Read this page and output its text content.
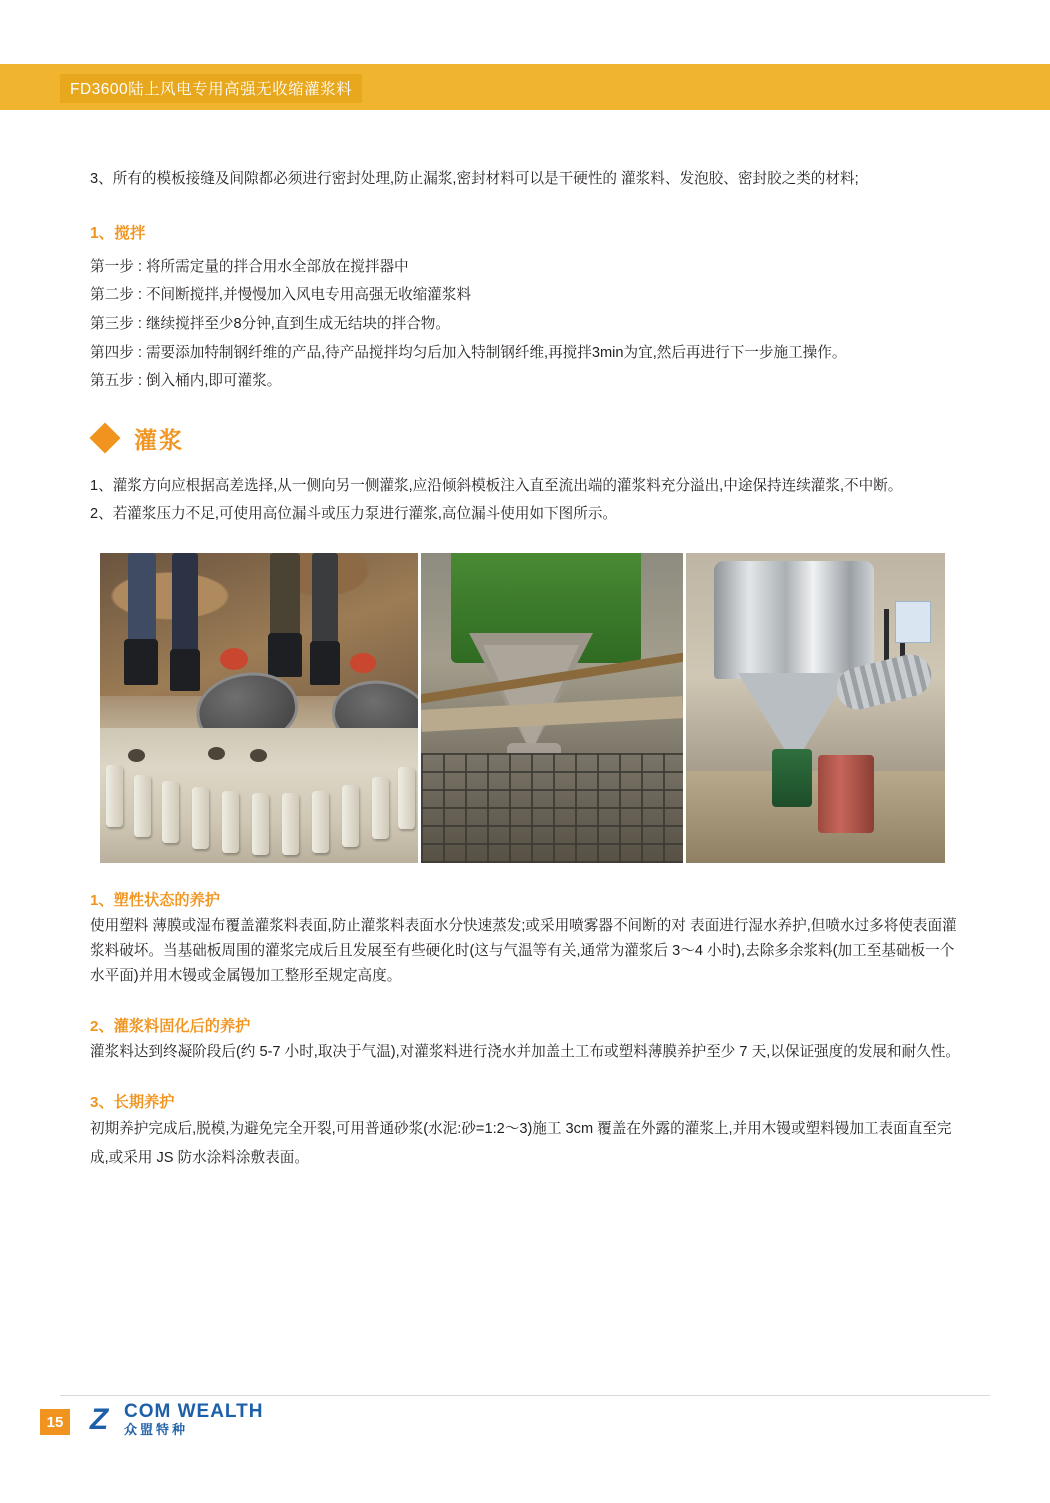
FD3600陆上风电专用高强无收缩灌浆料

3、所有的模板接缝及间隙都必须进行密封处理,防止漏浆,密封材料可以是干硬性的 灌浆料、发泡胶、密封胶之类的材料;

1、搅拌

第一步 : 将所需定量的拌合用水全部放在搅拌器中

第二步 : 不间断搅拌,并慢慢加入风电专用高强无收缩灌浆料

第三步 : 继续搅拌至少8分钟,直到生成无结块的拌合物。

第四步 : 需要添加特制钢纤维的产品,待产品搅拌均匀后加入特制钢纤维,再搅拌3min为宜,然后再进行下一步施工操作。

第五步 : 倒入桶内,即可灌浆。

灌浆

1、灌浆方向应根据高差选择,从一侧向另一侧灌浆,应沿倾斜模板注入直至流出端的灌浆料充分溢出,中途保持连续灌浆,不中断。

2、若灌浆压力不足,可使用高位漏斗或压力泵进行灌浆,高位漏斗使用如下图所示。

1、塑性状态的养护

使用塑料 薄膜或湿布覆盖灌浆料表面,防止灌浆料表面水分快速蒸发;或采用喷雾器不间断的对 表面进行湿水养护,但喷水过多将使表面灌浆料破坏。当基础板周围的灌浆完成后且发展至有些硬化时(这与气温等有关,通常为灌浆后 3～4 小时),去除多余浆料(加工至基础板一个水平面)并用木镘或金属镘加工整形至规定高度。

2、灌浆料固化后的养护

灌浆料达到终凝阶段后(约 5-7 小时,取决于气温),对灌浆料进行浇水并加盖土工布或塑料薄膜养护至少 7 天,以保证强度的发展和耐久性。

3、长期养护

初期养护完成后,脱模,为避免完全开裂,可用普通砂浆(水泥:砂=1:2～3)施工 3cm 覆盖在外露的灌浆上,并用木镘或塑料镘加工表面直至完成,或采用 JS 防水涂料涂敷表面。

15 Z COM WEALTH
众盟特种
